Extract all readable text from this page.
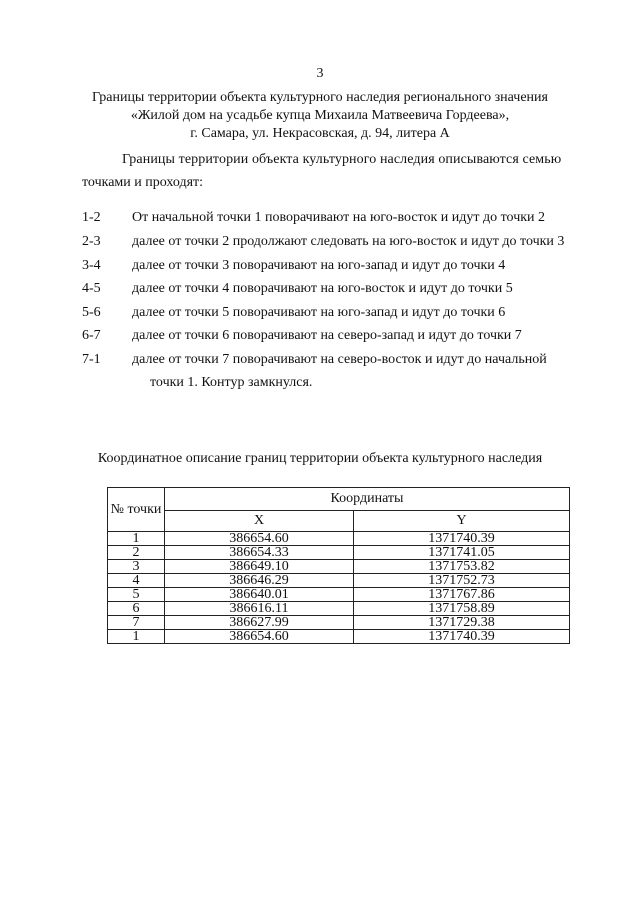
3
Границы территории объекта культурного наследия регионального значения
«Жилой дом на усадьбе купца Михаила Матвеевича Гордеева»,
г. Самара, ул. Некрасовская, д. 94, литера А
Границы территории объекта культурного наследия описываются семью
точками и проходят:
1-2 От начальной точки 1 поворачивают на юго-восток и идут до точки 2
2-3 далее от точки 2 продолжают следовать на юго-восток и идут до точки 3
3-4 далее от точки 3 поворачивают на юго-запад и идут до точки 4
4-5 далее от точки 4 поворачивают на юго-восток и идут до точки 5
5-6 далее от точки 5 поворачивают на юго-запад и идут до точки 6
6-7 далее от точки 6 поворачивают на северо-запад и идут до точки 7
7-1 далее от точки 7 поворачивают на северо-восток и идут до начальной
точки 1. Контур замкнулся.
Координатное описание границ территории объекта культурного наследия
№ точки	Координаты	
	X	Y
1	386654.60	1371740.39
2	386654.33	1371741.05
3	386649.10	1371753.82
4	386646.29	1371752.73
5	386640.01	1371767.86
6	386616.11	1371758.89
7	386627.99	1371729.38
1	386654.60	1371740.39
